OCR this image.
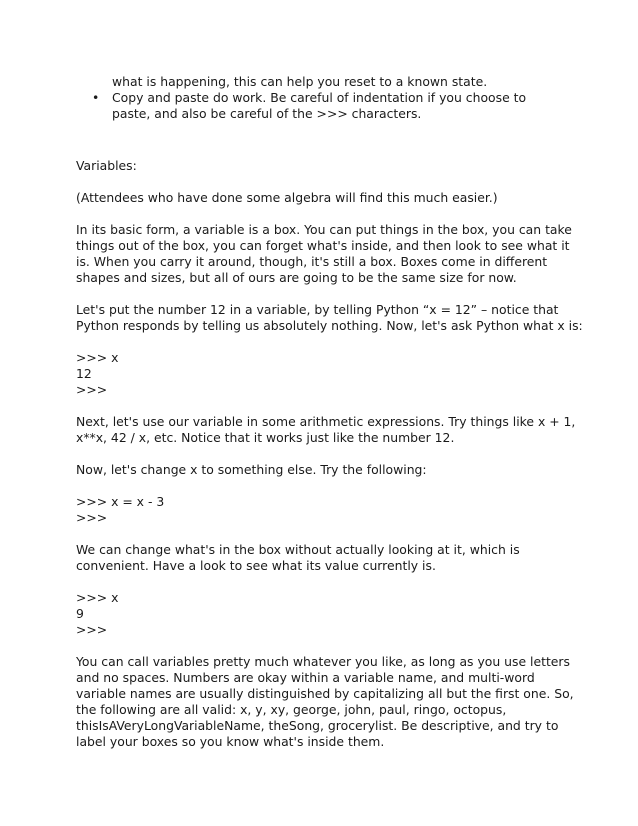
what is happening, this can help you reset to a known state.
• Copy and paste do work. Be careful of indentation if you choose to
paste, and also be careful of the >>> characters.
Variables:
(Attendees who have done some algebra will find this much easier.)
In its basic form, a variable is a box. You can put things in the box, you can take
things out of the box, you can forget what's inside, and then look to see what it
is. When you carry it around, though, it's still a box. Boxes come in different
shapes and sizes, but all of ours are going to be the same size for now.
Let's put the number 12 in a variable, by telling Python “x = 12” – notice that
Python responds by telling us absolutely nothing. Now, let's ask Python what x is:
>>> x
12
>>>
Next, let's use our variable in some arithmetic expressions. Try things like x + 1,
x**x, 42 / x, etc. Notice that it works just like the number 12.
Now, let's change x to something else. Try the following:
>>> x = x - 3
>>>
We can change what's in the box without actually looking at it, which is
convenient. Have a look to see what its value currently is.
>>> x
9
>>>
You can call variables pretty much whatever you like, as long as you use letters
and no spaces. Numbers are okay within a variable name, and multi-word
variable names are usually distinguished by capitalizing all but the first one. So,
the following are all valid: x, y, xy, george, john, paul, ringo, octopus,
thisIsAVeryLongVariableName, theSong, grocerylist. Be descriptive, and try to
label your boxes so you know what's inside them.
